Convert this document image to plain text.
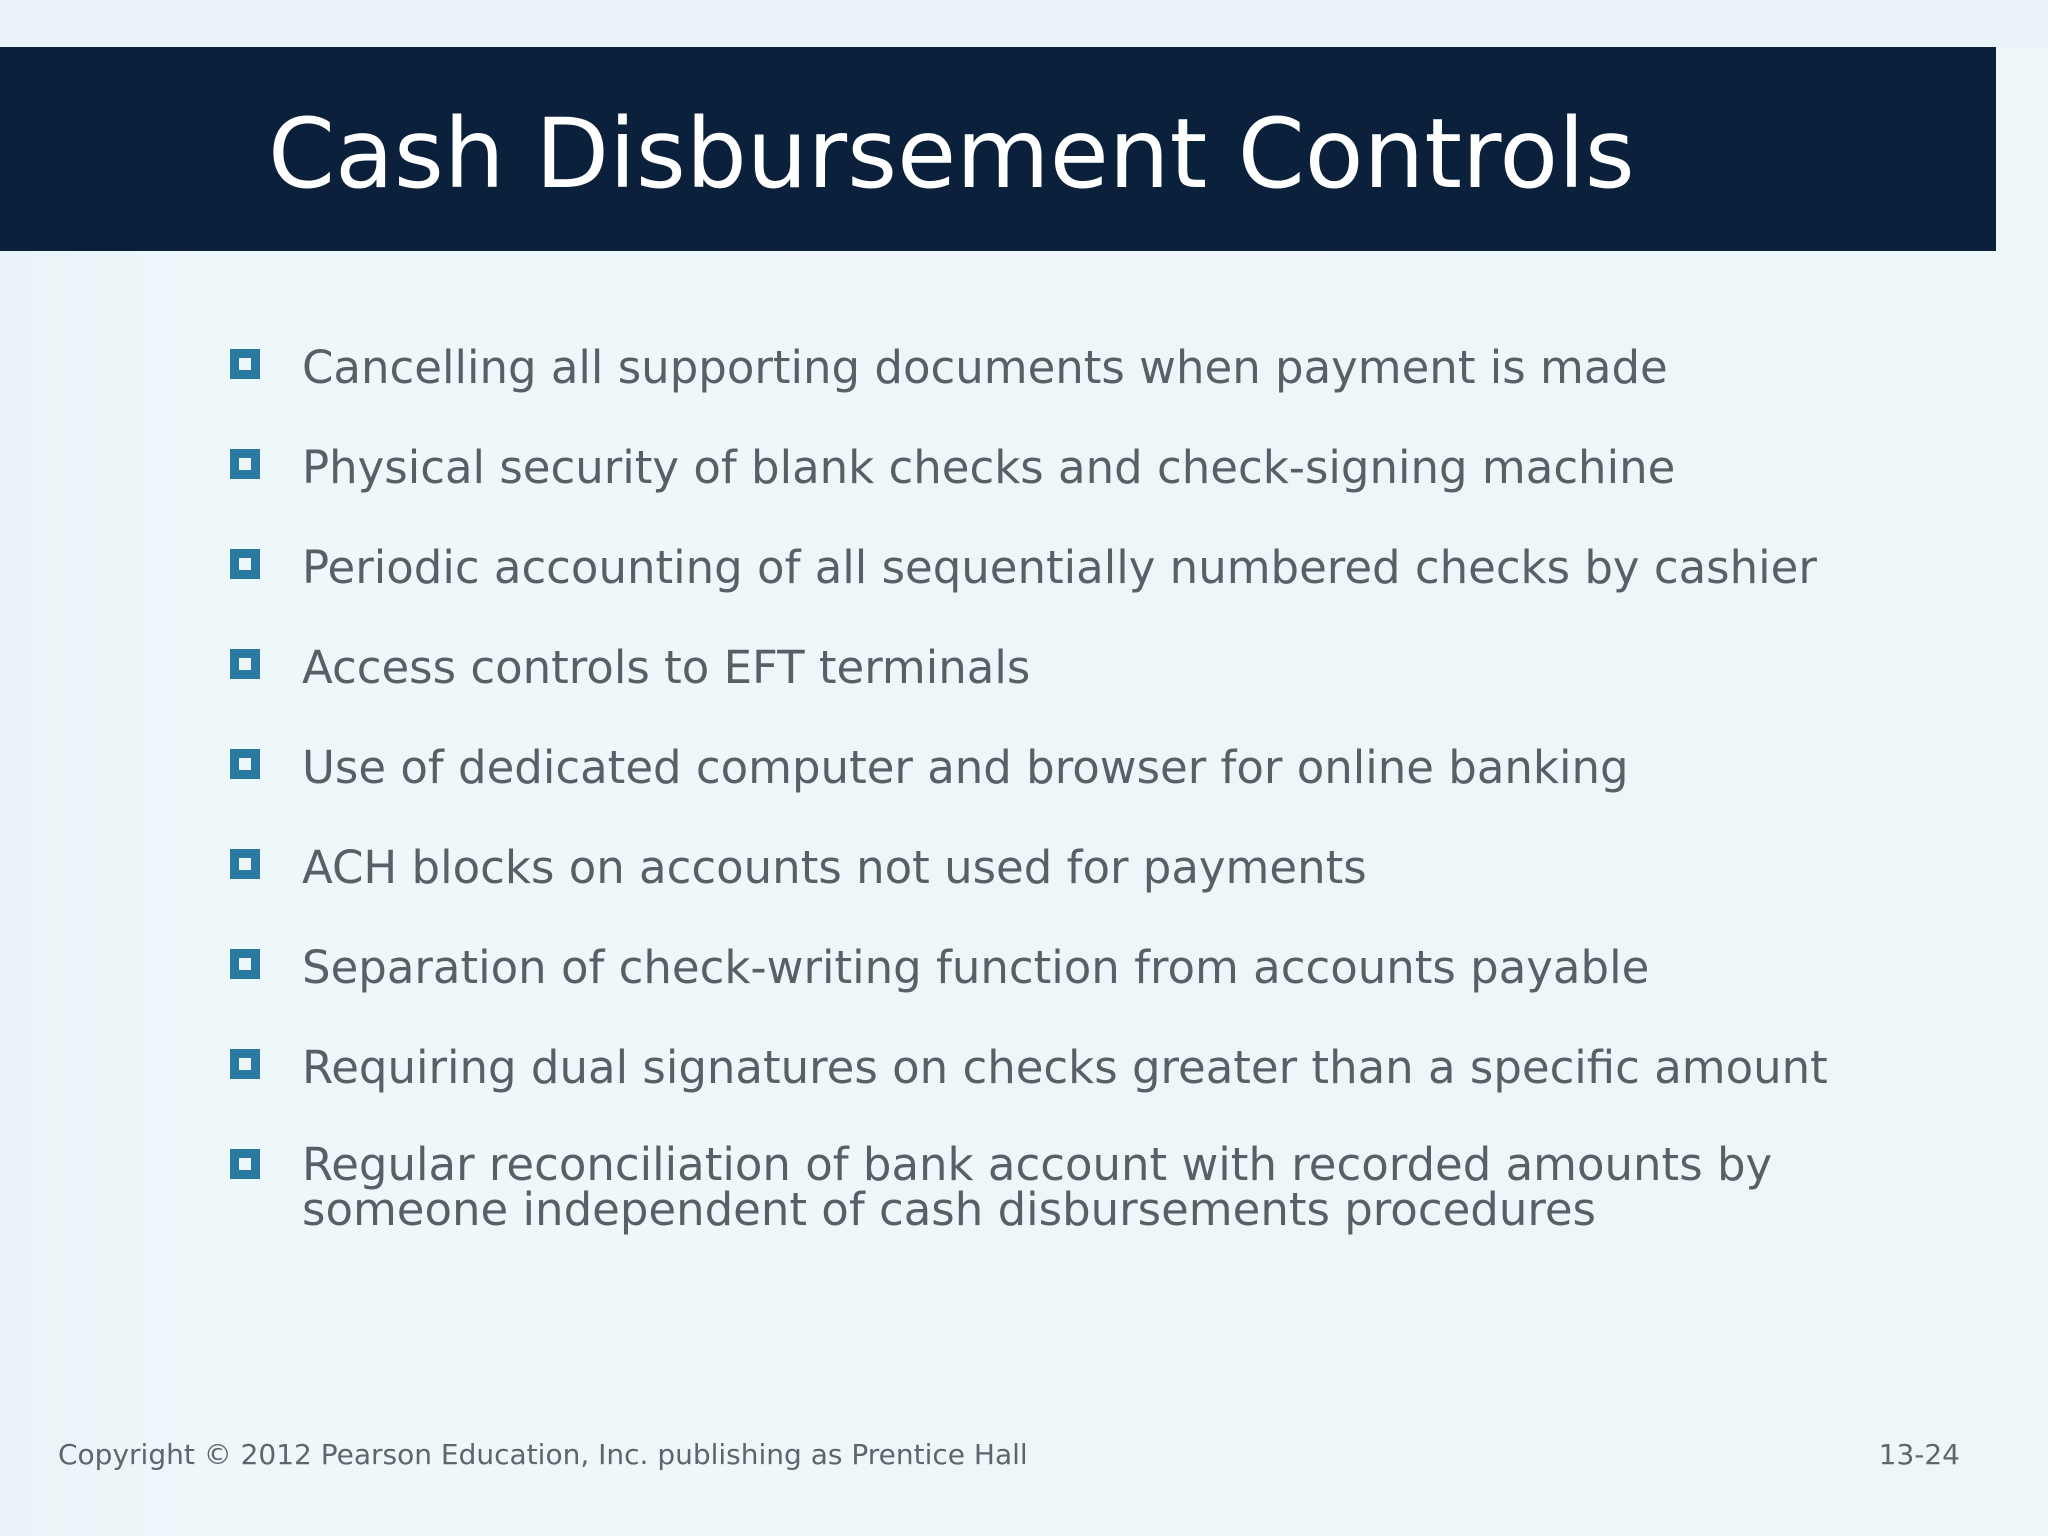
Cash Disbursement Controls
Cancelling all supporting documents when payment is made
Physical security of blank checks and check-signing machine
Periodic accounting of all sequentially numbered checks by cashier
Access controls to EFT terminals
Use of dedicated computer and browser for online banking
ACH blocks on accounts not used for payments
Separation of check-writing function from accounts payable
Requiring dual signatures on checks greater than a specific amount
Regular reconciliation of bank account with recorded amounts by someone independent of cash disbursements procedures
Copyright © 2012 Pearson Education, Inc. publishing as Prentice Hall	13-24
